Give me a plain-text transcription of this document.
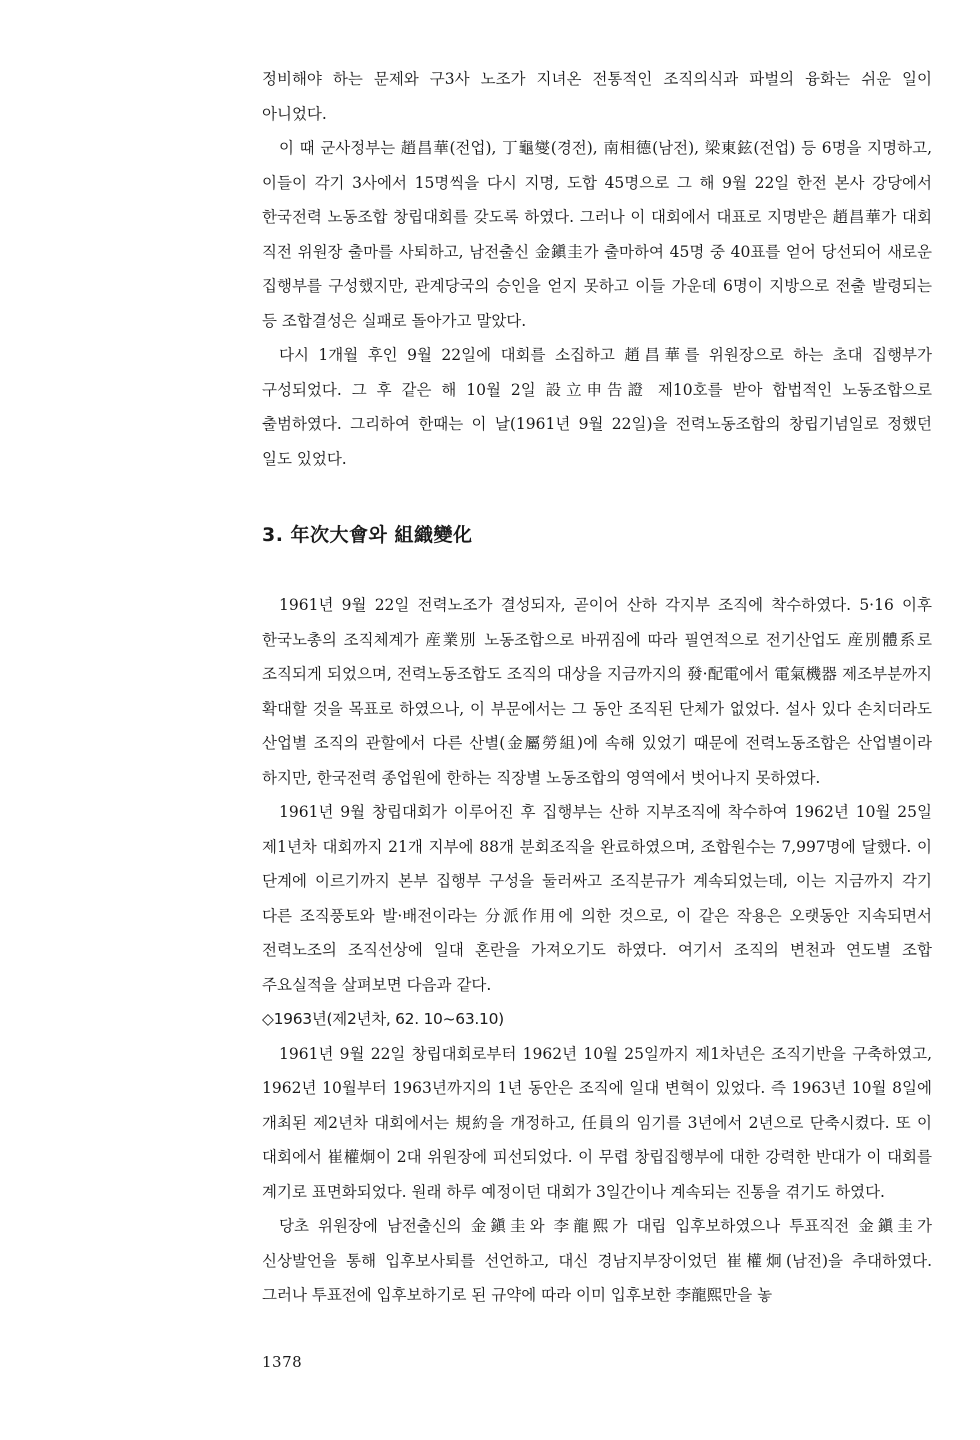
정비해야 하는 문제와 구3사 노조가 지녀온 전통적인 조직의식과 파벌의 융화는 쉬운 일이 아니었다.

이 때 군사정부는 趙昌華(전업), 丁龜燮(경전), 南相德(남전), 梁東鉉(전업) 등 6명을 지명하고, 이들이 각기 3사에서 15명씩을 다시 지명, 도합 45명으로 그 해 9월 22일 한전 본사 강당에서 한국전력 노동조합 창립대회를 갖도록 하였다. 그러나 이 대회에서 대표로 지명받은 趙昌華가 대회 직전 위원장 출마를 사퇴하고, 남전출신 金鎭圭가 출마하여 45명 중 40표를 얻어 당선되어 새로운 집행부를 구성했지만, 관계당국의 승인을 얻지 못하고 이들 가운데 6명이 지방으로 전출 발령되는 등 조합결성은 실패로 돌아가고 말았다.

다시 1개월 후인 9월 22일에 대회를 소집하고 趙昌華를 위원장으로 하는 초대 집행부가 구성되었다. 그 후 같은 해 10월 2일 設立申告證 제10호를 받아 합법적인 노동조합으로 출범하였다. 그리하여 한때는 이 날(1961년 9월 22일)을 전력노동조합의 창립기념일로 정했던 일도 있었다.

3. 年次大會와 組織變化

1961년 9월 22일 전력노조가 결성되자, 곧이어 산하 각지부 조직에 착수하였다. 5·16 이후 한국노총의 조직체계가 産業別 노동조합으로 바뀌짐에 따라 필연적으로 전기산업도 産別體系로 조직되게 되었으며, 전력노동조합도 조직의 대상을 지금까지의 發·配電에서 電氣機器 제조부분까지 확대할 것을 목표로 하였으나, 이 부문에서는 그 동안 조직된 단체가 없었다. 설사 있다 손치더라도 산업별 조직의 관할에서 다른 산별(金屬勞組)에 속해 있었기 때문에 전력노동조합은 산업별이라 하지만, 한국전력 종업원에 한하는 직장별 노동조합의 영역에서 벗어나지 못하였다.

1961년 9월 창립대회가 이루어진 후 집행부는 산하 지부조직에 착수하여 1962년 10월 25일 제1년차 대회까지 21개 지부에 88개 분회조직을 완료하였으며, 조합원수는 7,997명에 달했다. 이 단계에 이르기까지 본부 집행부 구성을 둘러싸고 조직분규가 계속되었는데, 이는 지금까지 각기 다른 조직풍토와 발·배전이라는 分派作用에 의한 것으로, 이 같은 작용은 오랫동안 지속되면서 전력노조의 조직선상에 일대 혼란을 가져오기도 하였다. 여기서 조직의 변천과 연도별 조합 주요실적을 살펴보면 다음과 같다.

◇1963년(제2년차, 62. 10~63.10)

1961년 9월 22일 창립대회로부터 1962년 10월 25일까지 제1차년은 조직기반을 구축하였고, 1962년 10월부터 1963년까지의 1년 동안은 조직에 일대 변혁이 있었다. 즉 1963년 10월 8일에 개최된 제2년차 대회에서는 規約을 개정하고, 任員의 임기를 3년에서 2년으로 단축시켰다. 또 이 대회에서 崔權炯이 2대 위원장에 피선되었다. 이 무렵 창립집행부에 대한 강력한 반대가 이 대회를 계기로 표면화되었다. 원래 하루 예정이던 대회가 3일간이나 계속되는 진통을 겪기도 하였다.

당초 위원장에 남전출신의 金鎭圭와 李龍熙가 대립 입후보하였으나 투표직전 金鎭圭가 신상발언을 통해 입후보사퇴를 선언하고, 대신 경남지부장이었던 崔權炯(남전)을 추대하였다. 그러나 투표전에 입후보하기로 된 규약에 따라 이미 입후보한 李龍熙만을 놓

1378
